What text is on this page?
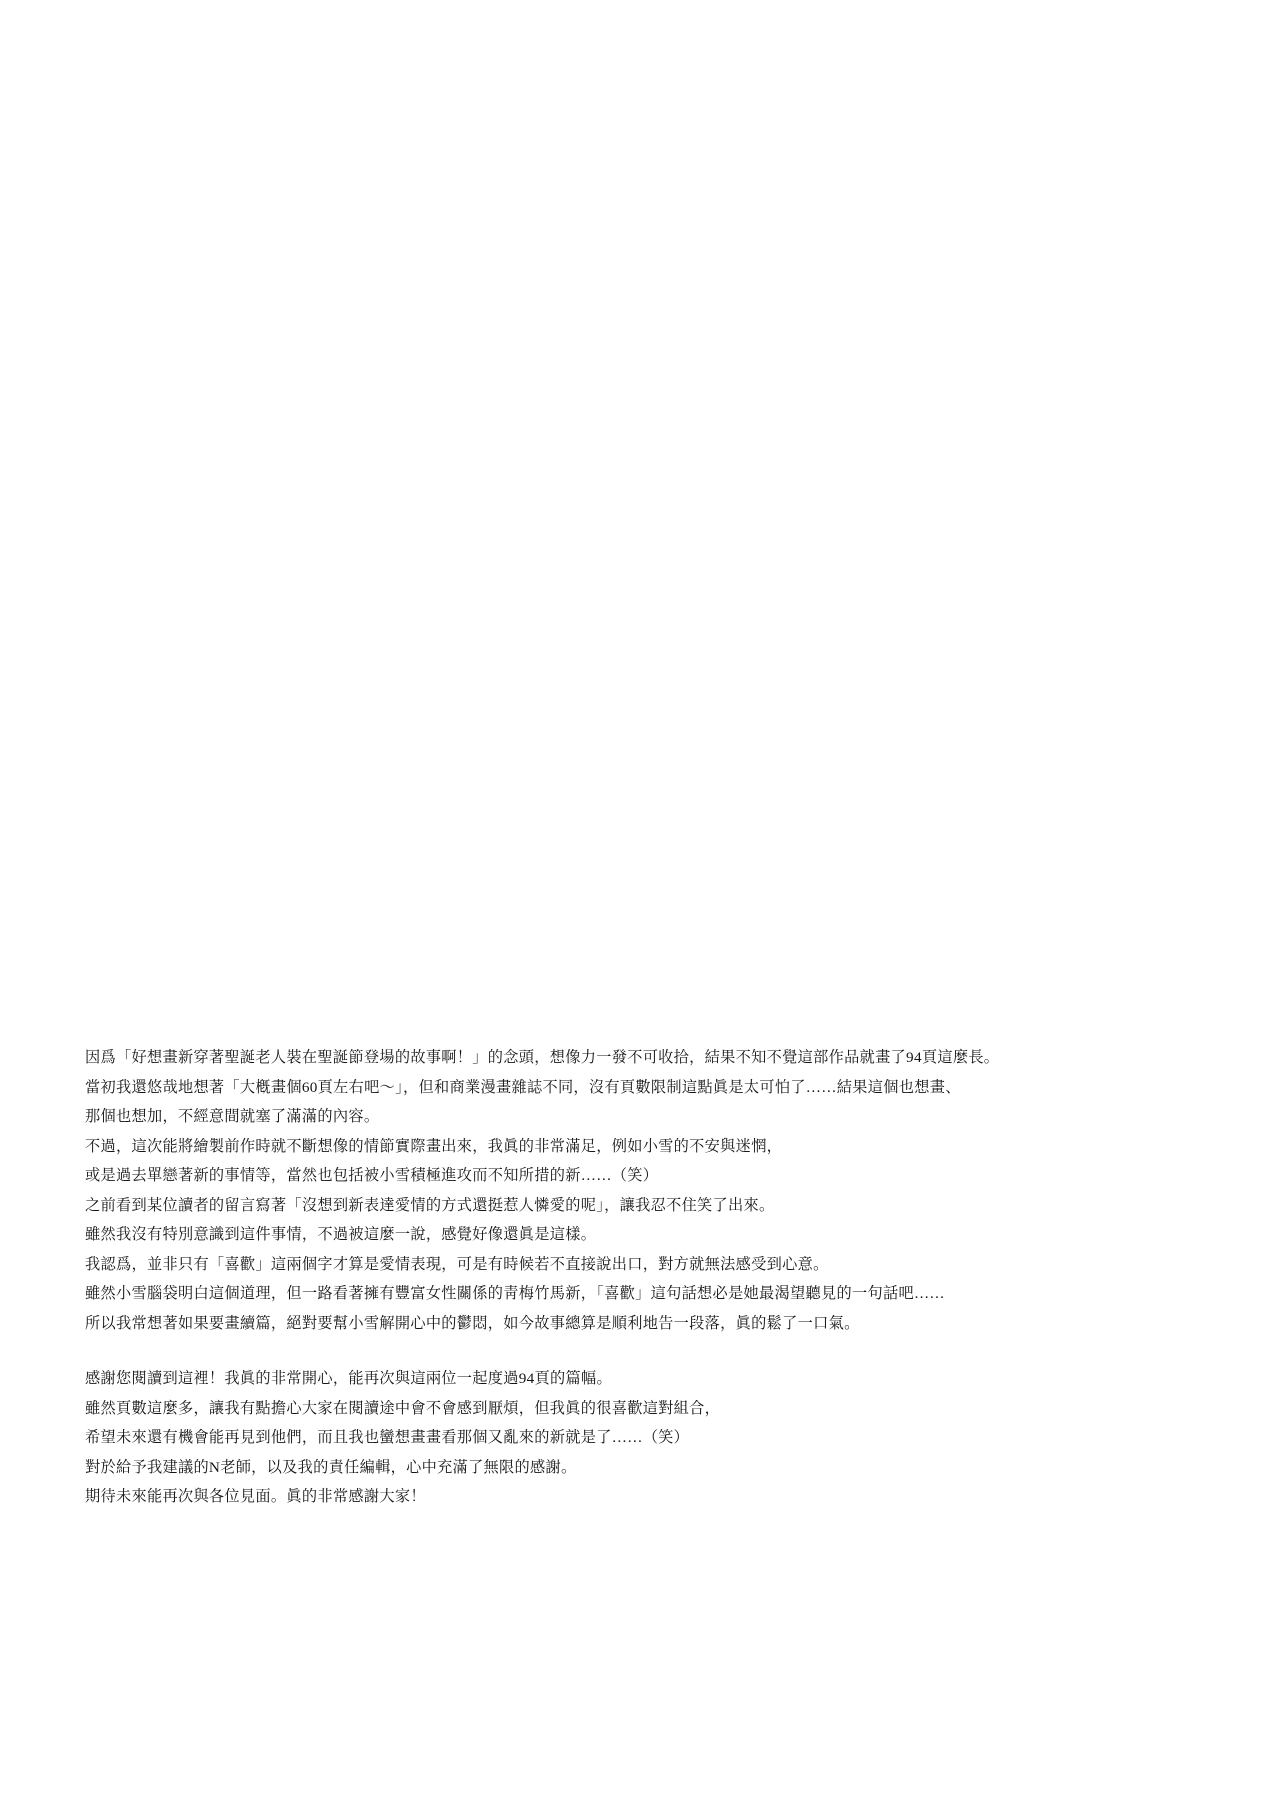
因爲「好想畫新穿著聖誕老人裝在聖誕節登場的故事啊！」的念頭，想像力一發不可收拾，結果不知不覺這部作品就畫了94頁這麼長。
當初我還悠哉地想著「大槪畫個60頁左右吧～」，但和商業漫畫雜誌不同，沒有頁數限制這點眞是太可怕了……結果這個也想畫、
那個也想加，不經意間就塞了滿滿的內容。
不過，這次能將繪製前作時就不斷想像的情節實際畫出來，我眞的非常滿足，例如小雪的不安與迷惘，
或是過去單戀著新的事情等，當然也包括被小雪積極進攻而不知所措的新……（笑）
之前看到某位讀者的留言寫著「沒想到新表達愛情的方式還挺惹人憐愛的呢」，讓我忍不住笑了出來。
雖然我沒有特別意識到這件事情，不過被這麼一說，感覺好像還眞是這樣。
我認爲，並非只有「喜歡」這兩個字才算是愛情表現，可是有時候若不直接說出口，對方就無法感受到心意。
雖然小雪腦袋明白這個道理，但一路看著擁有豐富女性關係的靑梅竹馬新，「喜歡」這句話想必是她最渴望聽見的一句話吧……
所以我常想著如果要畫續篇，絕對要幫小雪解開心中的鬱悶，如今故事總算是順利地告一段落，眞的鬆了一口氣。
感謝您閱讀到這裡！我眞的非常開心，能再次與這兩位一起度過94頁的篇幅。
雖然頁數這麼多，讓我有點擔心大家在閱讀途中會不會感到厭煩，但我眞的很喜歡這對組合，
希望未來還有機會能再見到他們，而且我也蠻想畫畫看那個又亂來的新就是了……（笑）
對於給予我建議的N老師，以及我的責任編輯，心中充滿了無限的感謝。
期待未來能再次與各位見面。眞的非常感謝大家！
